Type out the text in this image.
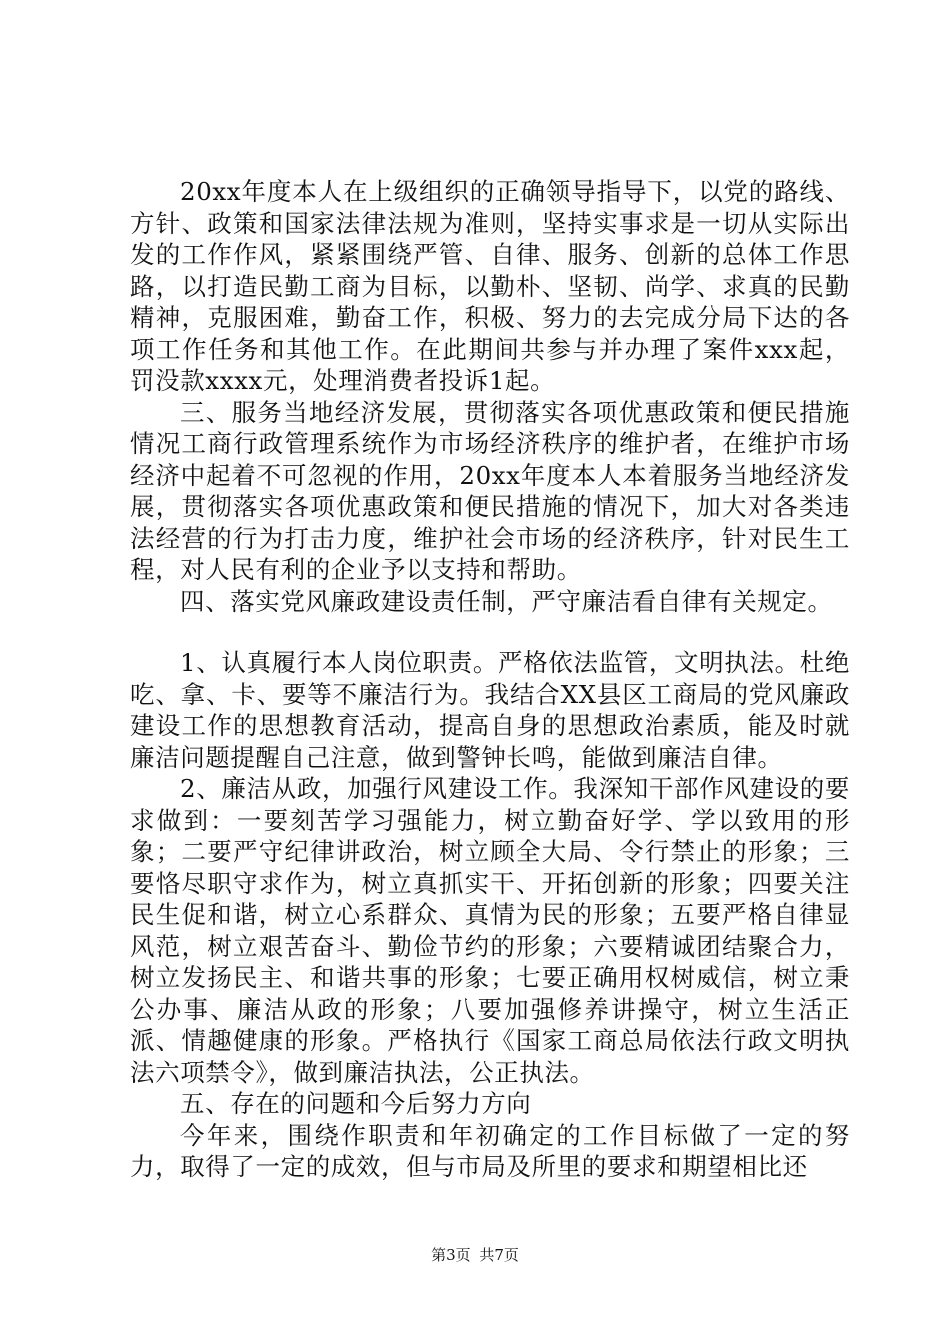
20xx年度本人在上级组织的正确领导指导下，以党的路线、方针、政策和国家法律法规为准则，坚持实事求是一切从实际出发的工作作风，紧紧围绕严管、自律、服务、创新的总体工作思路，以打造民勤工商为目标，以勤朴、坚韧、尚学、求真的民勤精神，克服困难，勤奋工作，积极、努力的去完成分局下达的各项工作任务和其他工作。在此期间共参与并办理了案件xxx起，罚没款xxxx元，处理消费者投诉1起。

三、服务当地经济发展，贯彻落实各项优惠政策和便民措施情况工商行政管理系统作为市场经济秩序的维护者，在维护市场经济中起着不可忽视的作用，20xx年度本人本着服务当地经济发展，贯彻落实各项优惠政策和便民措施的情况下，加大对各类违法经营的行为打击力度，维护社会市场的经济秩序，针对民生工程，对人民有利的企业予以支持和帮助。

四、落实党风廉政建设责任制，严守廉洁看自律有关规定。

1、认真履行本人岗位职责。严格依法监管，文明执法。杜绝吃、拿、卡、要等不廉洁行为。我结合XX县区工商局的党风廉政建设工作的思想教育活动，提高自身的思想政治素质，能及时就廉洁问题提醒自己注意，做到警钟长鸣，能做到廉洁自律。

2、廉洁从政，加强行风建设工作。我深知干部作风建设的要求做到：一要刻苦学习强能力，树立勤奋好学、学以致用的形象；二要严守纪律讲政治，树立顾全大局、令行禁止的形象；三要恪尽职守求作为，树立真抓实干、开拓创新的形象；四要关注民生促和谐，树立心系群众、真情为民的形象；五要严格自律显风范，树立艰苦奋斗、勤俭节约的形象；六要精诚团结聚合力，树立发扬民主、和谐共事的形象；七要正确用权树威信，树立秉公办事、廉洁从政的形象；八要加强修养讲操守，树立生活正派、情趣健康的形象。严格执行《国家工商总局依法行政文明执法六项禁令》，做到廉洁执法，公正执法。

五、存在的问题和今后努力方向

今年来，围绕作职责和年初确定的工作目标做了一定的努力，取得了一定的成效，但与市局及所里的要求和期望相比还

第3页 共7页
